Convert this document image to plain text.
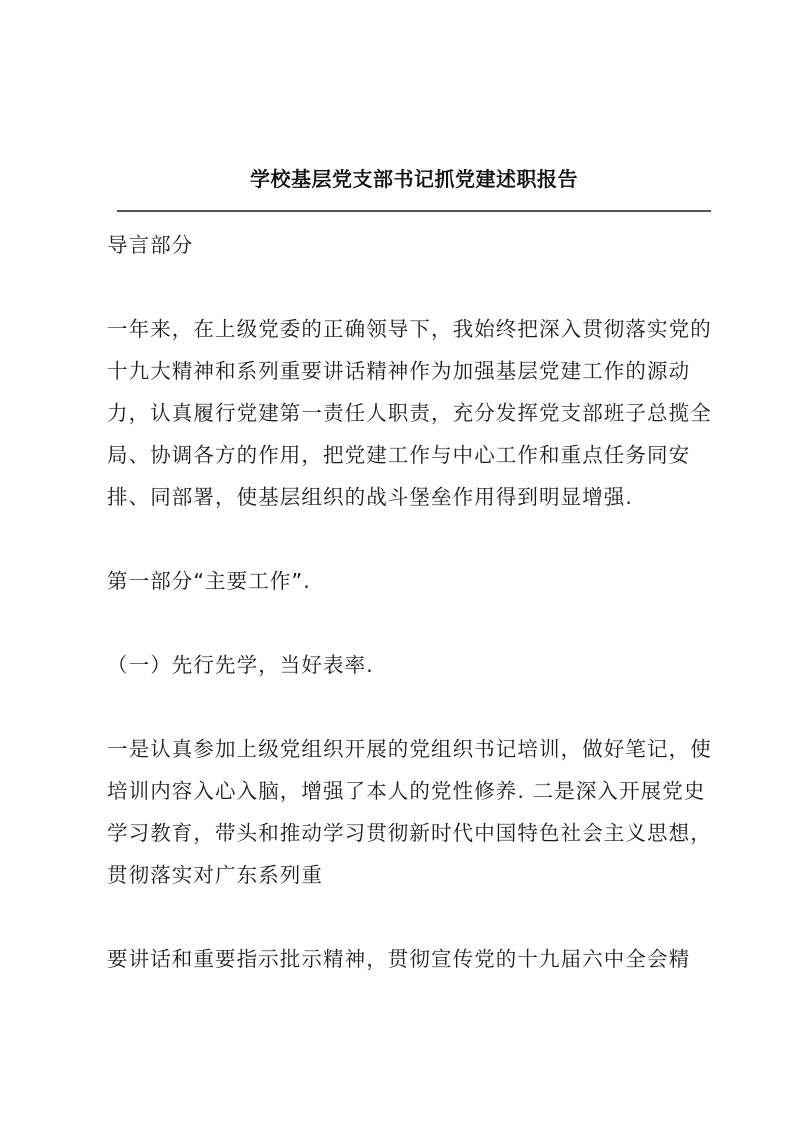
学校基层党支部书记抓党建述职报告
导言部分
一年来，在上级党委的正确领导下，我始终把深入贯彻落实党的
十九大精神和系列重要讲话精神作为加强基层党建工作的源动
力，认真履行党建第一责任人职责，充分发挥党支部班子总揽全
局、协调各方的作用，把党建工作与中心工作和重点任务同安
排、同部署，使基层组织的战斗堡垒作用得到明显增强.
第一部分“主要工作”.
（一）先行先学，当好表率.
一是认真参加上级党组织开展的党组织书记培训，做好笔记，使
培训内容入心入脑，增强了本人的党性修养. 二是深入开展党史
学习教育，带头和推动学习贯彻新时代中国特色社会主义思想，
贯彻落实对广东系列重
要讲话和重要指示批示精神，贯彻宣传党的十九届六中全会精
